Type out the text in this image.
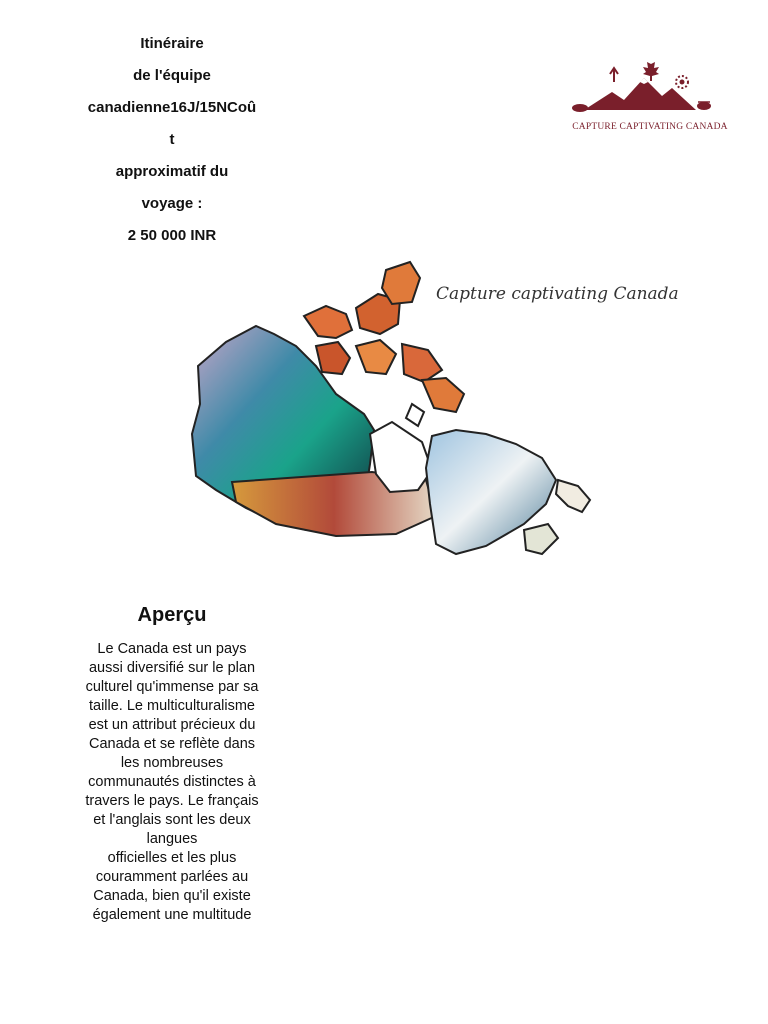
Itinéraire
de l'équipe
canadienne16J/15NCoû
t
approximatif du
voyage :
2 50 000 INR
CAPTURE CAPTIVATING CANADA
Capture captivating Canada
Aperçu
Le Canada est un pays
aussi diversifié sur le plan
culturel qu'immense par sa
taille. Le multiculturalisme
est un attribut précieux du
Canada et se reflète dans
les nombreuses
communautés distinctes à
travers le pays. Le français
et l'anglais sont les deux
langues
officielles et les plus
couramment parlées au
Canada, bien qu'il existe
également une multitude
